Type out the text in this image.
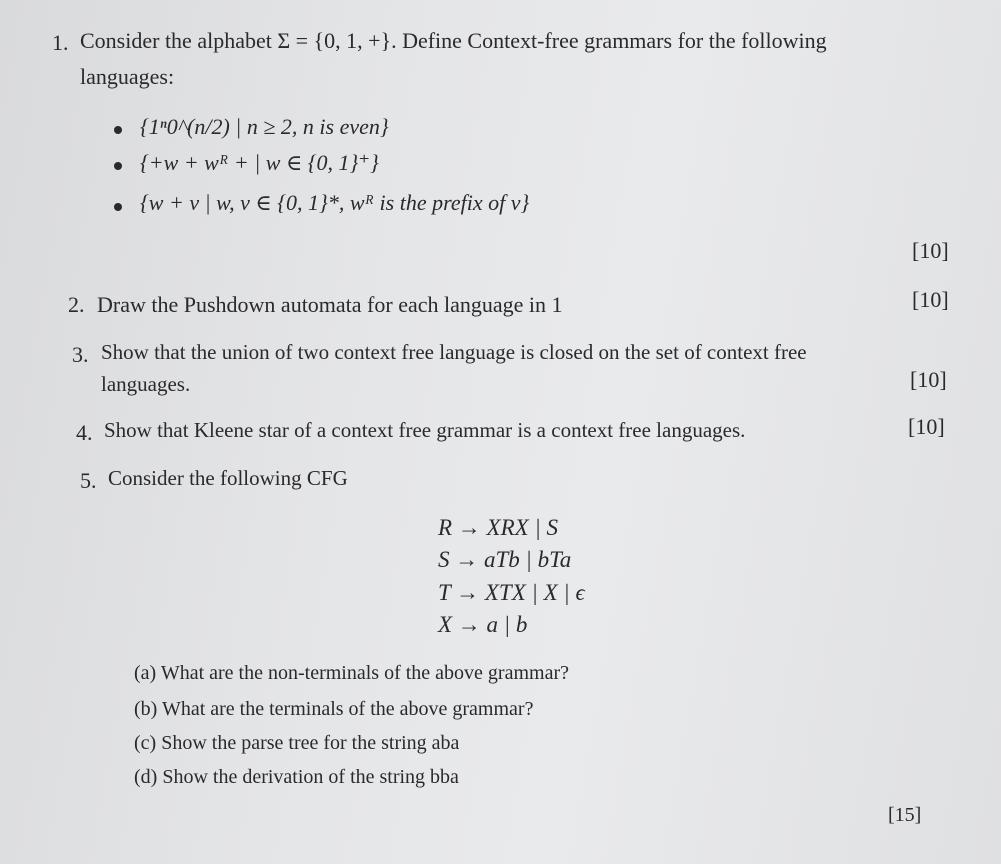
1. Consider the alphabet Σ = {0, 1, +}. Define Context-free grammars for the following
languages:
{1ⁿ0^(n/2) | n ≥ 2, n is even}
{+w + wᴿ + | w ∈ {0, 1}⁺}
{w + v | w, v ∈ {0, 1}*, wᴿ is the prefix of v}
[10]
2. Draw the Pushdown automata for each language in 1	[10]
3. Show that the union of two context free language is closed on the set of context free
languages.	[10]
4. Show that Kleene star of a context free grammar is a context free languages.	[10]
5. Consider the following CFG
R → XRX | S
S → aTb | bTa
T → XTX | X | ϵ
X → a | b
(a) What are the non-terminals of the above grammar?
(b) What are the terminals of the above grammar?
(c) Show the parse tree for the string aba
(d) Show the derivation of the string bba
[15]
